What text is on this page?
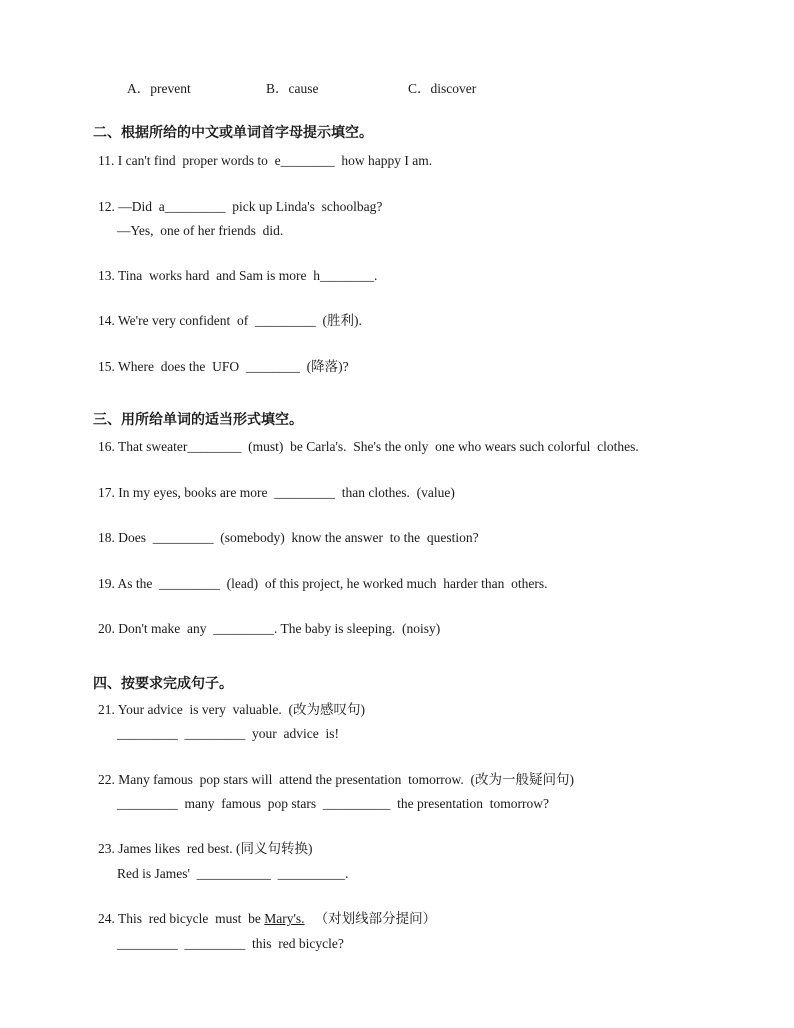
A．prevent	B．cause	C．discover
二、根据所给的中文或单词首字母提示填空。
11. I can't find  proper words to  e________  how happy I am.
12. —Did  a_________  pick up Linda's  schoolbag?
—Yes,  one of her friends  did.
13. Tina  works hard  and Sam is more  h________.
14. We're very confident  of  _________  (胜利).
15. Where  does the  UFO  ________  (降落)?
三、用所给单词的适当形式填空。
16. That sweater________  (must)  be Carla's.  She's the only  one who wears such colorful  clothes.
17. In my eyes, books are more  _________  than clothes.  (value)
18. Does  _________  (somebody)  know the answer  to the  question?
19. As the  _________  (lead)  of this project, he worked much  harder than  others.
20. Don't make  any  _________. The baby is sleeping.  (noisy)
四、按要求完成句子。
21. Your advice  is very  valuable.  (改为感叹句)
_________  _________  your  advice  is!
22. Many famous  pop stars will  attend the presentation  tomorrow.  (改为一般疑问句)
_________  many  famous  pop stars  __________  the presentation  tomorrow?
23. James likes  red best. (同义句转换)
Red is James'  ___________  __________.
24. This  red bicycle  must  be Mary's.   （对划线部分提问）
_________  _________  this  red bicycle?
